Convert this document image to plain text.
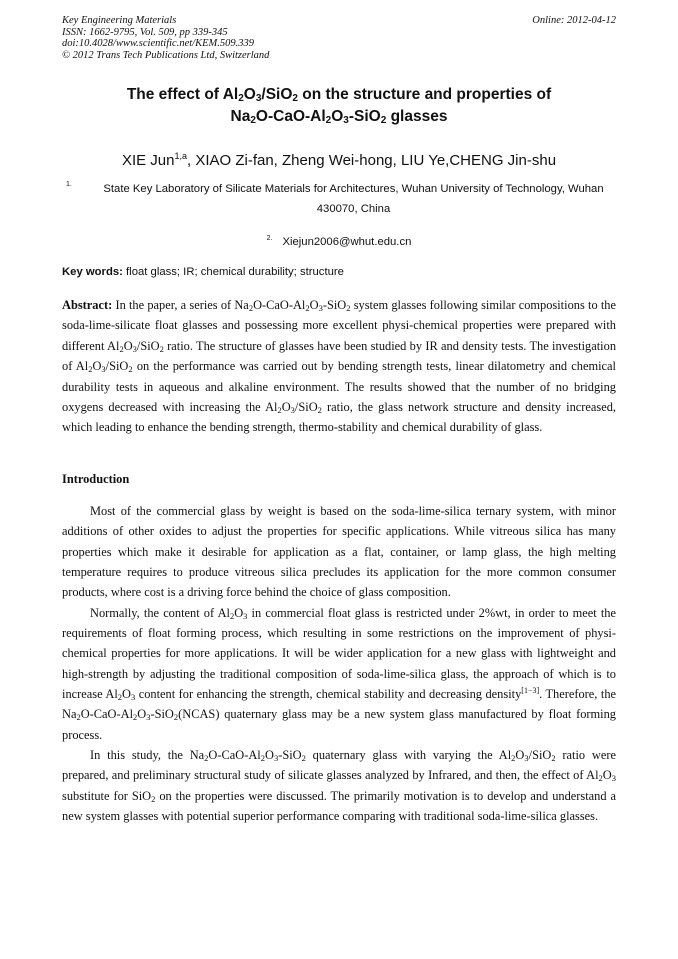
Key Engineering Materials
ISSN: 1662-9795, Vol. 509, pp 339-345
doi:10.4028/www.scientific.net/KEM.509.339
© 2012 Trans Tech Publications Ltd, Switzerland
Online: 2012-04-12
The effect of $Al_2O_3/SiO_2$ on the structure and properties of
$Na_2O-CaO-Al_2O_3-SiO_2$ glasses
XIE Jun$^{1,a}$, XIAO Zi-fan, Zheng Wei-hong, LIU Ye,CHENG Jin-shu
1.	State Key Laboratory of Silicate Materials for Architectures, Wuhan University of Technology, Wuhan 430070, China
$^{2.}$ Xiejun2006@whut.edu.cn
Key words: float glass; IR; chemical durability; structure
Abstract: In the paper, a series of $Na_2O-CaO-Al_2O_3-SiO_2$ system glasses following similar compositions to the soda-lime-silicate float glasses and possessing more excellent physi-chemical properties were prepared with different $Al_2O_3/SiO_2$ ratio. The structure of glasses have been studied by IR and density tests. The investigation of $Al_2O_3/SiO_2$ on the performance was carried out by bending strength tests, linear dilatometry and chemical durability tests in aqueous and alkaline environment. The results showed that the number of no bridging oxygens decreased with increasing the $Al_2O_3/SiO_2$ ratio, the glass network structure and density increased, which leading to enhance the bending strength, thermo-stability and chemical durability of glass.
Introduction

Most of the commercial glass by weight is based on the soda-lime-silica ternary system, with minor additions of other oxides to adjust the properties for specific applications. While vitreous silica has many properties which make it desirable for application as a flat, container, or lamp glass, the high melting temperature requires to produce vitreous silica precludes its application for the more common consumer products, where cost is a driving force behind the choice of glass composition.

Normally, the content of $Al_2O_3$ in commercial float glass is restricted under 2%wt, in order to meet the requirements of float forming process, which resulting in some restrictions on the improvement of physi-chemical properties for more applications. It will be wider application for a new glass with lightweight and high-strength by adjusting the traditional composition of soda-lime-silica glass, the approach of which is to increase $Al_2O_3$ content for enhancing the strength, chemical stability and decreasing density[1−3]. Therefore, the $Na_2O-CaO-Al_2O_3-SiO_2(NCAS)$ quaternary glass may be a new system glass manufactured by float forming process.

In this study, the $Na_2O-CaO-Al_2O_3-SiO_2$ quaternary glass with varying the $Al_2O_3/SiO_2$ ratio were prepared, and preliminary structural study of silicate glasses analyzed by Infrared, and then, the effect of $Al_2O_3$ substitute for SiO$_2$ on the properties were discussed. The primarily motivation is to develop and understand a new system glasses with potential superior performance comparing with traditional soda-lime-silica glasses.
